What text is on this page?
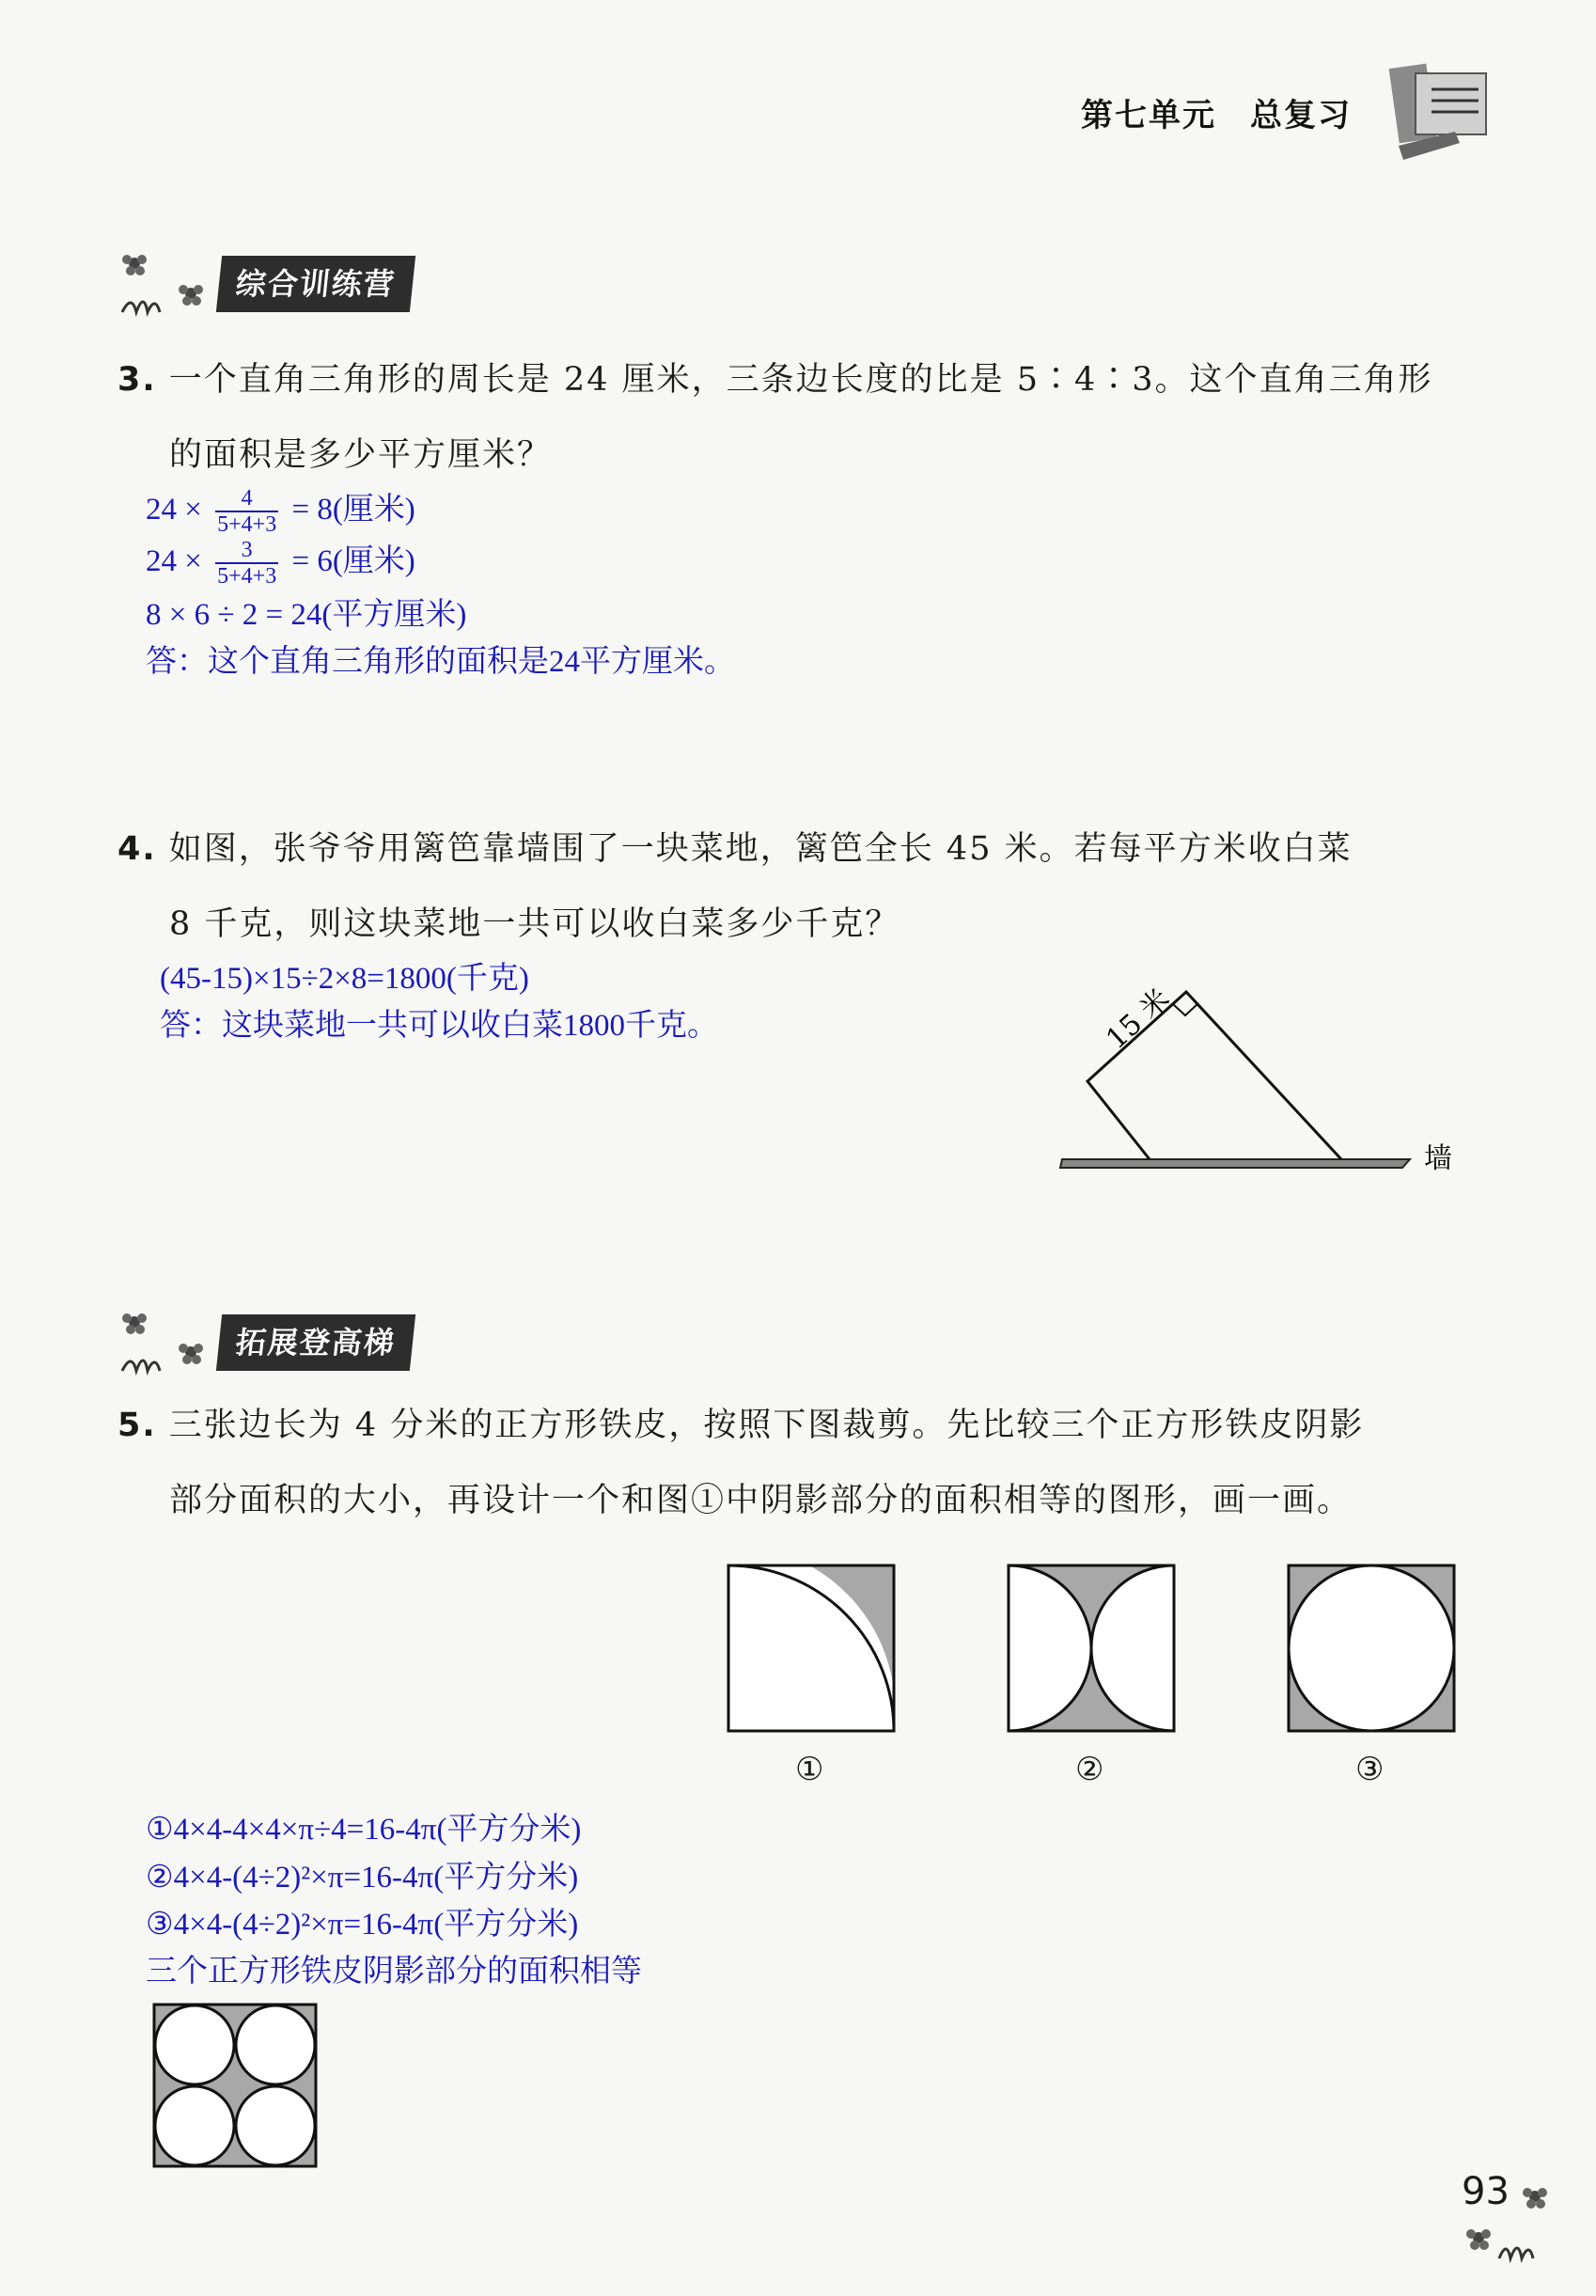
第七单元　总复习
综合训练营
3. 一个直角三角形的周长是 24 厘米，三条边长度的比是 5∶4∶3。这个直角三角形
的面积是多少平方厘米？
$24 \times \frac{4}{5+4+3} = 8$(厘米)
$24 \times \frac{3}{5+4+3} = 6$(厘米)
8 × 6 ÷ 2 = 24(平方厘米)
答：这个直角三角形的面积是24平方厘米。
4. 如图，张爷爷用篱笆靠墙围了一块菜地，篱笆全长 45 米。若每平方米收白菜
8 千克，则这块菜地一共可以收白菜多少千克？
(45-15)×15÷2×8=1800(千克)
答：这块菜地一共可以收白菜1800千克。	15 米
墙
拓展登高梯
5. 三张边长为 4 分米的正方形铁皮，按照下图裁剪。先比较三个正方形铁皮阴影
部分面积的大小，再设计一个和图①中阴影部分的面积相等的图形，画一画。
①	②	③
①4×4-4×4×π÷4=16-4π(平方分米)
②4×4-(4÷2)²×π=16-4π(平方分米)
③4×4-(4÷2)²×π=16-4π(平方分米)
三个正方形铁皮阴影部分的面积相等
93
